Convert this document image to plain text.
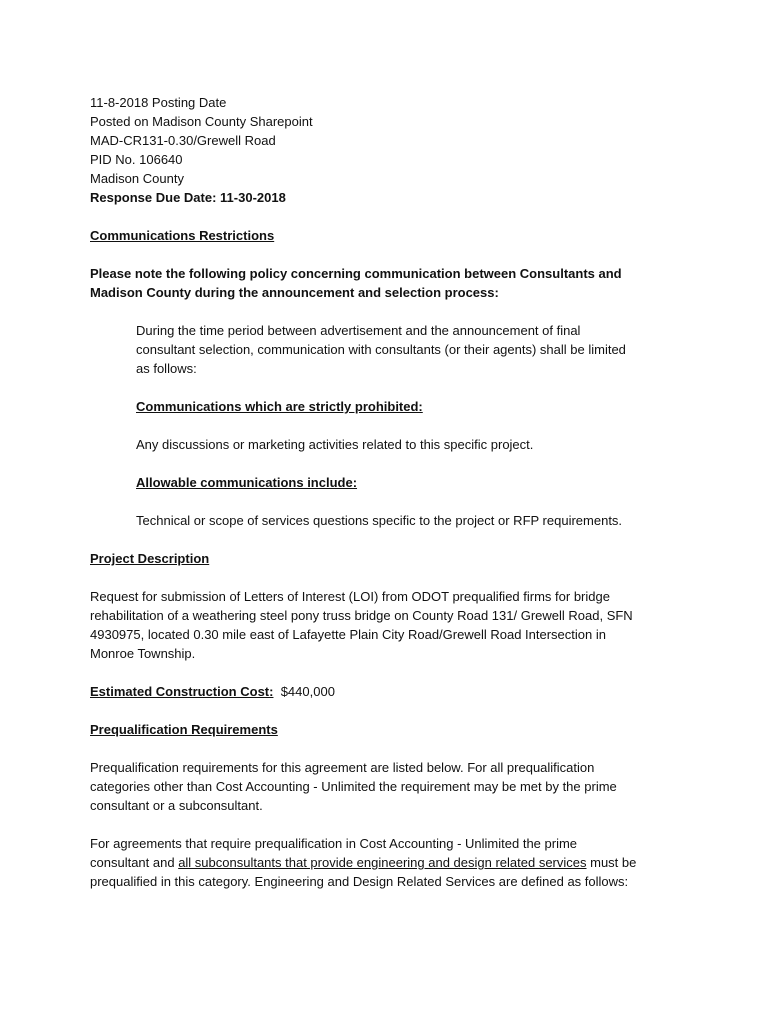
11-8-2018 Posting Date
Posted on Madison County Sharepoint
MAD-CR131-0.30/Grewell Road
PID No. 106640
Madison County
Response Due Date: 11-30-2018
Communications Restrictions
Please note the following policy concerning communication between Consultants and
Madison County during the announcement and selection process:
During the time period between advertisement and the announcement of final
consultant selection, communication with consultants (or their agents) shall be limited
as follows:
Communications which are strictly prohibited:
Any discussions or marketing activities related to this specific project.
Allowable communications include:
Technical or scope of services questions specific to the project or RFP requirements.
Project Description
Request for submission of Letters of Interest (LOI) from ODOT prequalified firms for bridge
rehabilitation of a weathering steel pony truss bridge on County Road 131/ Grewell Road, SFN
4930975, located 0.30 mile east of Lafayette Plain City Road/Grewell Road Intersection in
Monroe Township.
Estimated Construction Cost: $440,000
Prequalification Requirements
Prequalification requirements for this agreement are listed below. For all prequalification
categories other than Cost Accounting - Unlimited the requirement may be met by the prime
consultant or a subconsultant.
For agreements that require prequalification in Cost Accounting - Unlimited the prime
consultant and all subconsultants that provide engineering and design related services must be
prequalified in this category. Engineering and Design Related Services are defined as follows:
